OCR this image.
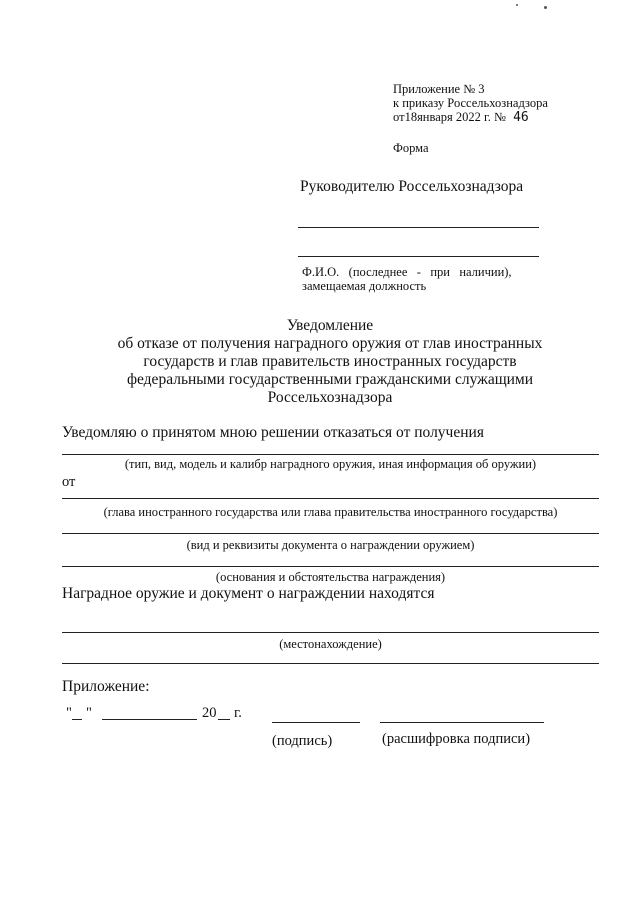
Приложение № 3
к приказу Россельхознадзора
от18января 2022 г. № 46
Форма
Руководителю Россельхознадзора
Ф.И.О.   (последнее   -   при   наличии),
замещаемая должность
Уведомление
об отказе от получения наградного оружия от глав иностранных
государств и глав правительств иностранных государств
федеральными государственными гражданскими служащими
Россельхознадзора
Уведомляю о принятом мною решении отказаться от получения
(тип, вид, модель и калибр наградного оружия, иная информация об оружии)
от
(глава иностранного государства или глава правительства иностранного государства)
(вид и реквизиты документа о награждении оружием)
(основания и обстоятельства награждения)
Наградное оружие и документ о награждении находятся
(местонахождение)
Приложение:
" "	20 г.
(подпись)	(расшифровка подписи)
